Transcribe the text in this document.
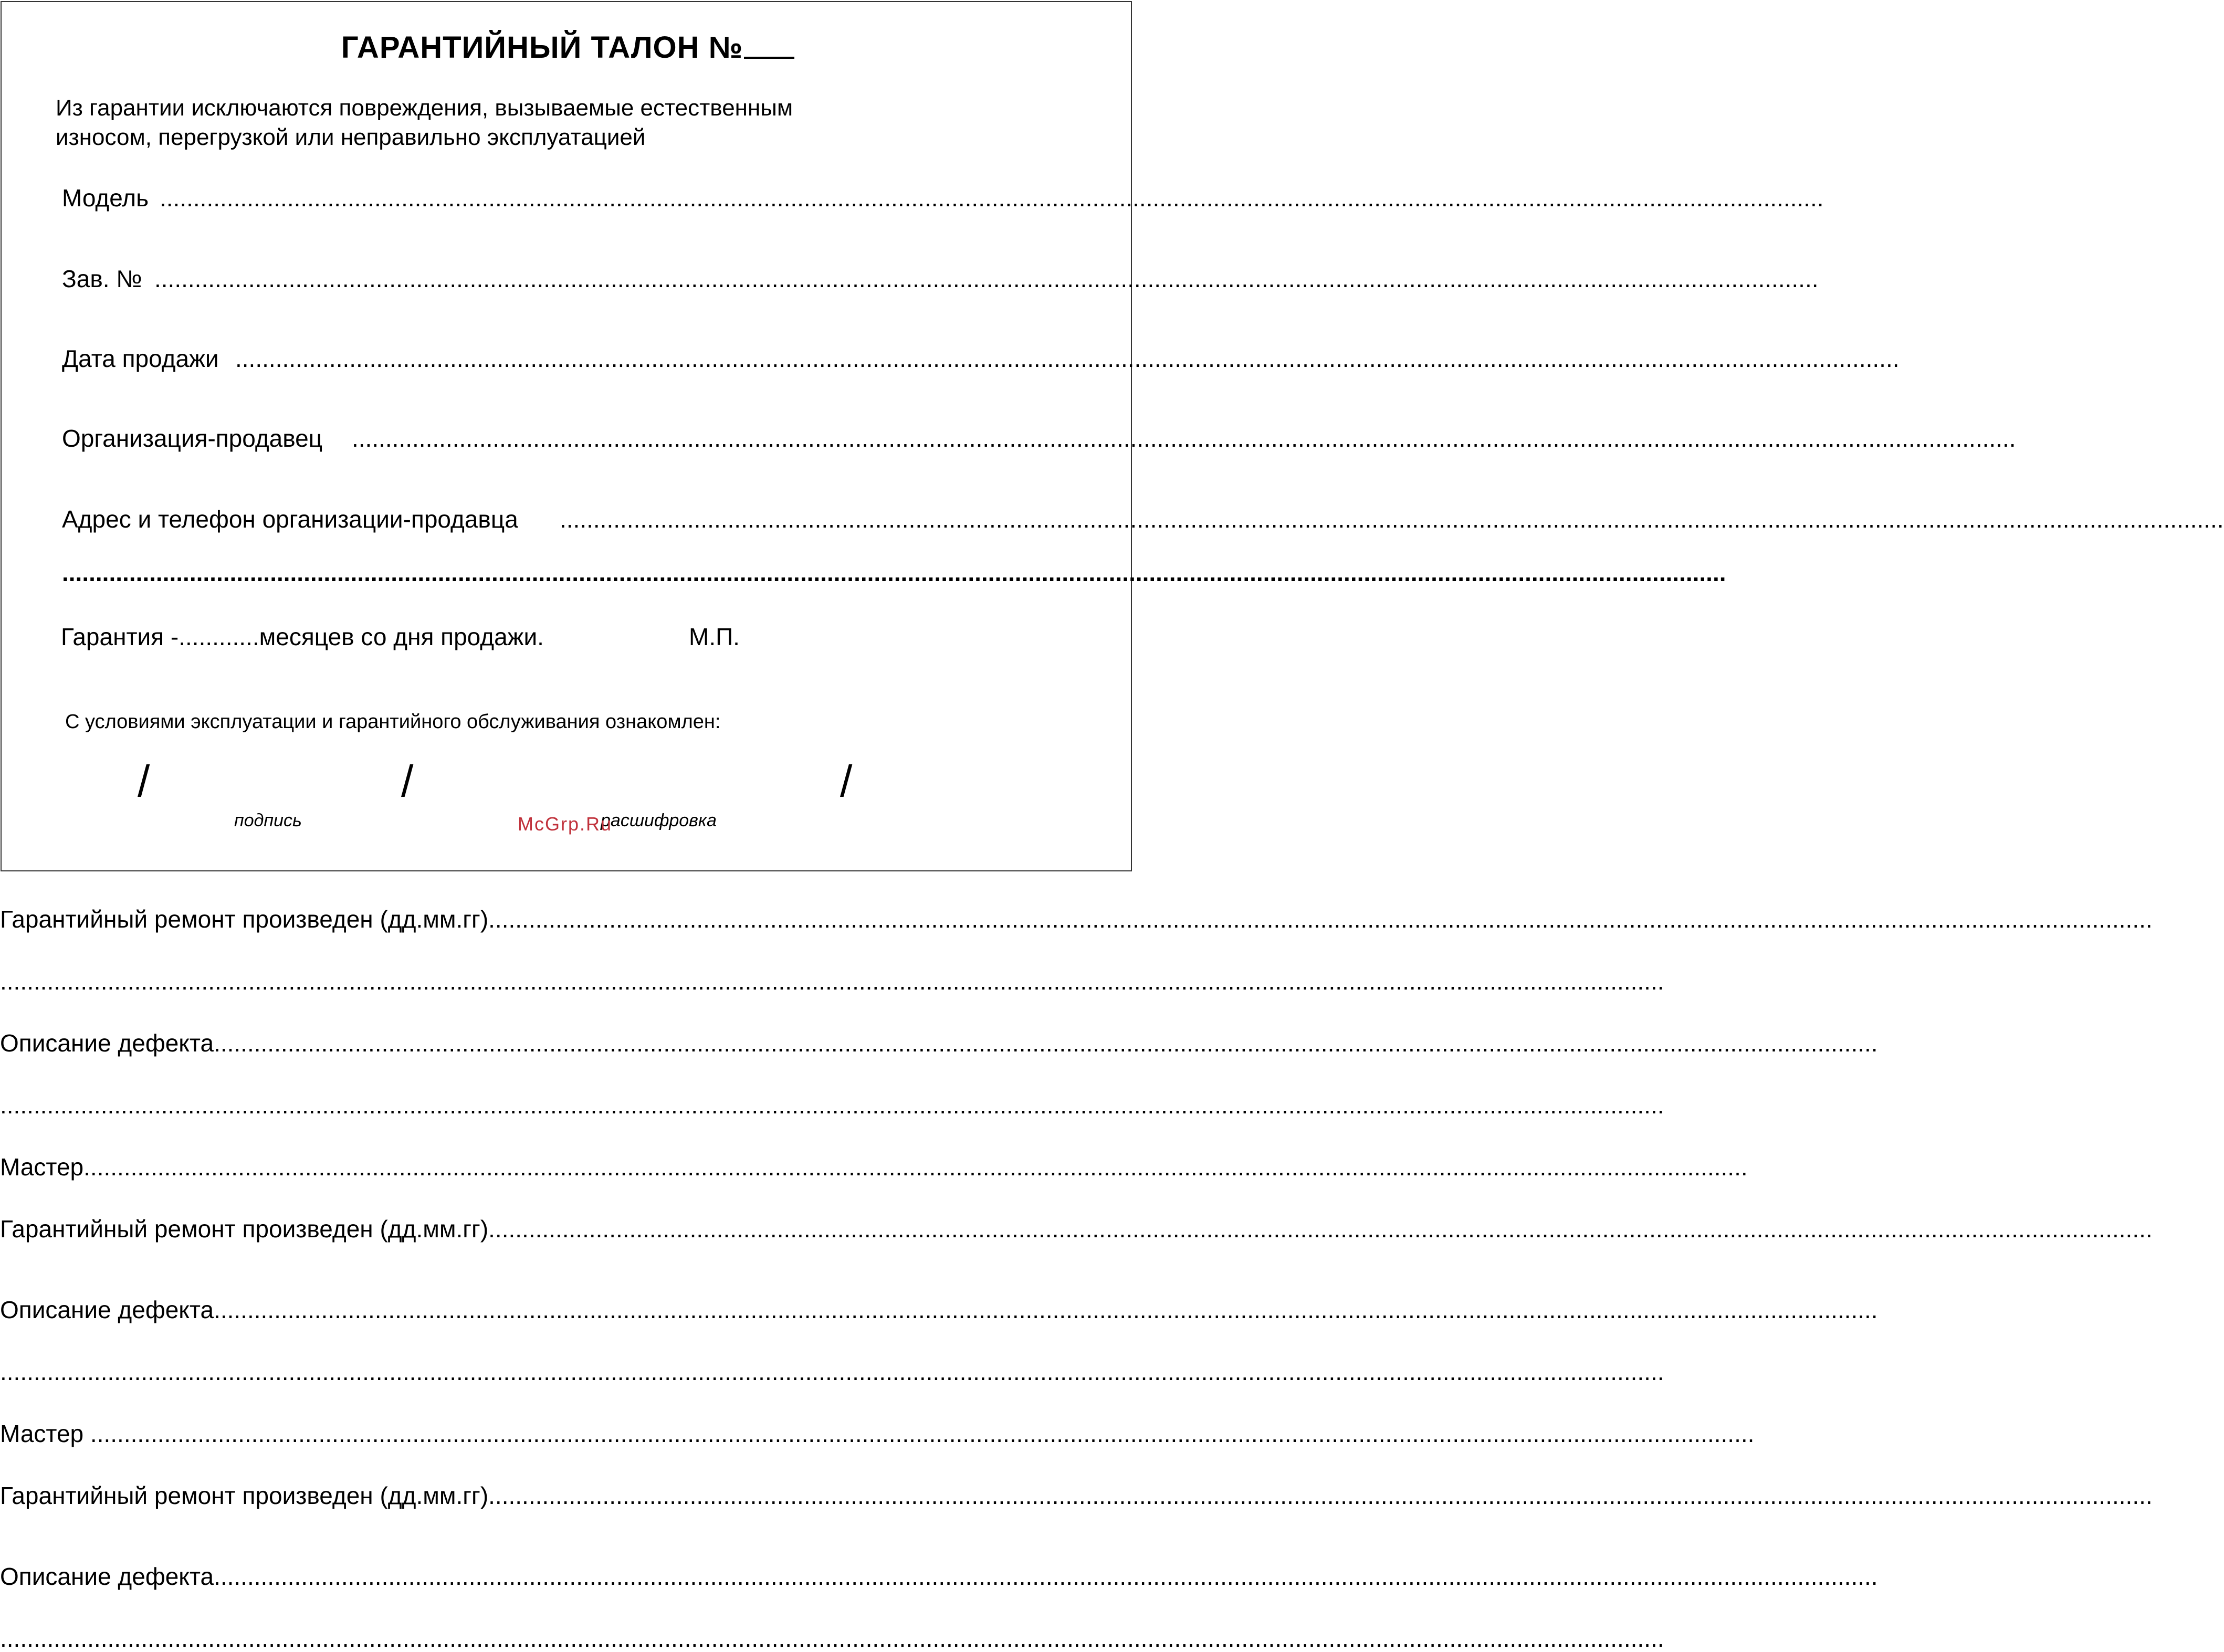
ГАРАНТИЙНЫЙ ТАЛОН №
Из гарантии исключаются повреждения, вызываемые естественным
износом, перегрузкой или неправильно эксплуатацией
Модель ........................................................................................................................................................................................................................................................
Зав. № ........................................................................................................................................................................................................................................................
Дата продажи ........................................................................................................................................................................................................................................................
Организация-продавец ........................................................................................................................................................................................................................................................
Адрес и телефон организации-продавца ........................................................................................................................................................................................................................................................
........................................................................................................................................................................................................................................................
Гарантия -............месяцев со дня продажи.	М.П.
С условиями эксплуатации и гарантийного обслуживания ознакомлен:
/	/	/
подпись	расшифровка
McGrp.Ru
Гарантийный ремонт произведен (дд.мм.гг)........................................................................................................................................................................................................................................................
........................................................................................................................................................................................................................................................
Описание дефекта........................................................................................................................................................................................................................................................
........................................................................................................................................................................................................................................................
Мастер........................................................................................................................................................................................................................................................
Гарантийный ремонт произведен (дд.мм.гг)........................................................................................................................................................................................................................................................
Описание дефекта........................................................................................................................................................................................................................................................
........................................................................................................................................................................................................................................................
Мастер ........................................................................................................................................................................................................................................................
Гарантийный ремонт произведен (дд.мм.гг)........................................................................................................................................................................................................................................................
Описание дефекта........................................................................................................................................................................................................................................................
........................................................................................................................................................................................................................................................
